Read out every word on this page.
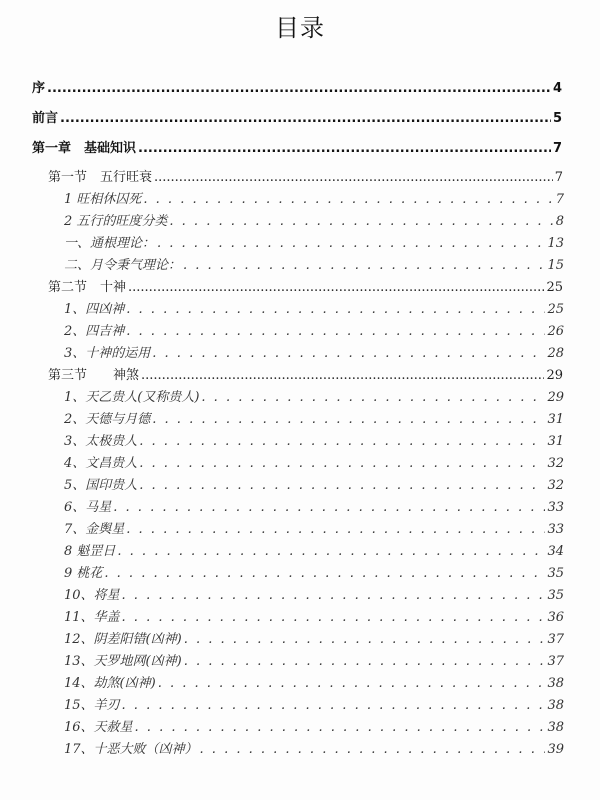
目录
序 .....	4
前言 .....	5
第一章　基础知识 .....	7
第一节　五行旺衰 .....	7
1 旺相休囚死 . . .	7
2 五行的旺度分类 . . .	8
一、通根理论： . . .	13
二、月令秉气理论： . . .	15
第二节　十神 .....	25
1、四凶神 . . .	25
2、四吉神 . . .	26
3、十神的运用 . . .	28
第三节　　神煞 .....	29
1、天乙贵人(又称贵人) . . .	29
2、天德与月德 . . .	31
3、太极贵人 . . .	31
4、文昌贵人 . . .	32
5、国印贵人 . . .	32
6、马星 . . .	33
7、金舆星 . . .	33
8 魁罡日 . . .	34
9 桃花 . . .	35
10、将星 . . .	35
11、华盖 . . .	36
12、阴差阳错(凶神) . . .	37
13、天罗地网(凶神) . . .	37
14、劫煞(凶神) . . .	38
15、羊刃 . . .	38
16、天赦星 . . .	38
17、十恶大败（凶神） . . .	39
